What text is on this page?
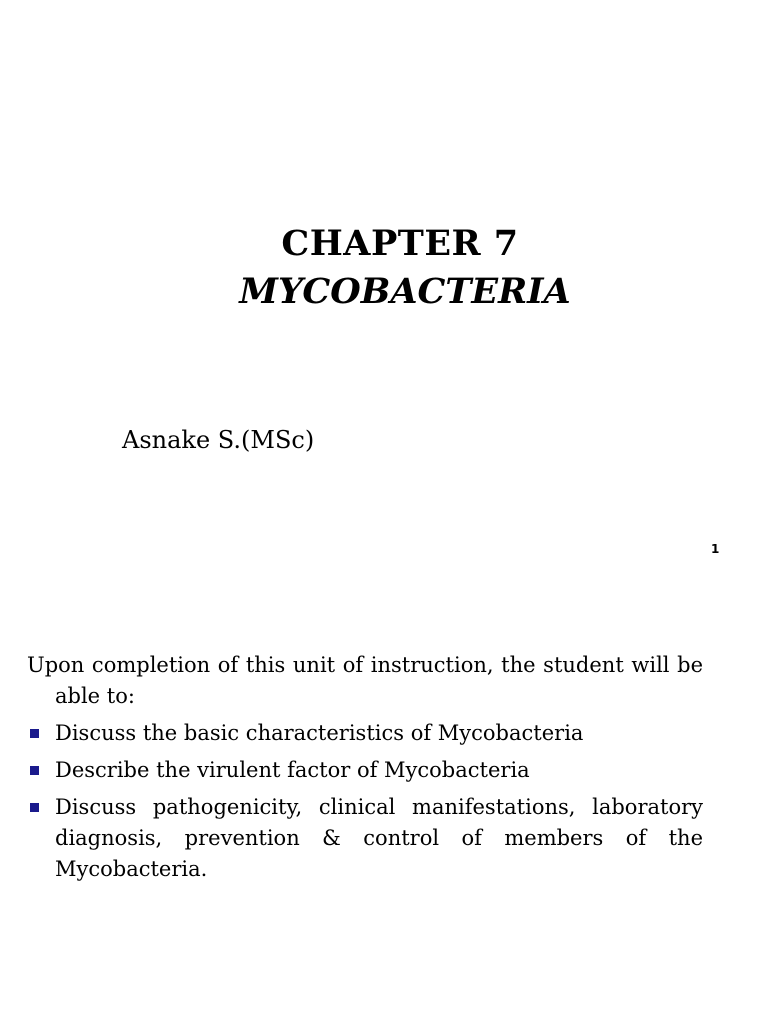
CHAPTER 7
MYCOBACTERIA
Asnake S.(MSc)
1

Upon completion of this unit of instruction, the student will be able to:

Discuss the basic characteristics of Mycobacteria
Describe the virulent factor of Mycobacteria
Discuss pathogenicity, clinical manifestations, laboratory diagnosis, prevention & control of members of the Mycobacteria.
